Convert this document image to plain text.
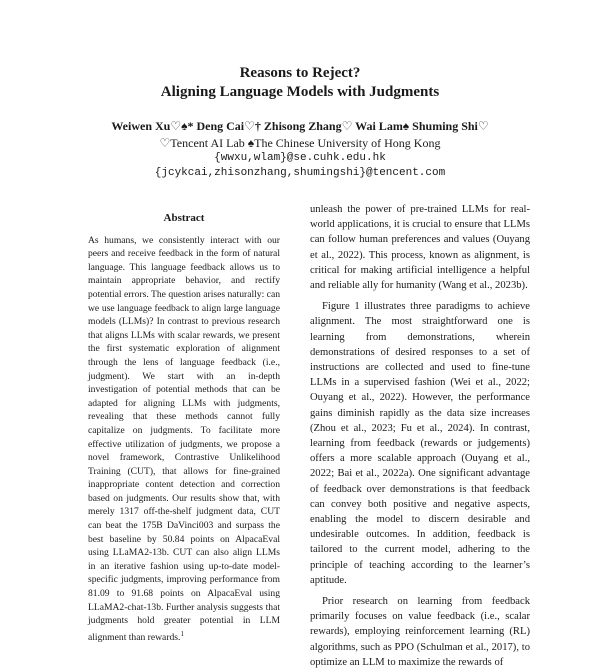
Reasons to Reject?
Aligning Language Models with Judgments
Weiwen Xu♡♠* Deng Cai♡† Zhisong Zhang♡ Wai Lam♠ Shuming Shi♡
♡Tencent AI Lab ♠The Chinese University of Hong Kong
{wwxu,wlam}@se.cuhk.edu.hk
{jcykcai,zhisonzhang,shumingshi}@tencent.com
Abstract

As humans, we consistently interact with our peers and receive feedback in the form of natural language. This language feedback allows us to maintain appropriate behavior, and rectify potential errors. The question arises naturally: can we use language feedback to align large language models (LLMs)? In contrast to previous research that aligns LLMs with scalar rewards, we present the first systematic exploration of alignment through the lens of language feedback (i.e., judgment). We start with an in-depth investigation of potential methods that can be adapted for aligning LLMs with judgments, revealing that these methods cannot fully capitalize on judgments. To facilitate more effective utilization of judgments, we propose a novel framework, Contrastive Unlikelihood Training (CUT), that allows for fine-grained inappropriate content detection and correction based on judgments. Our results show that, with merely 1317 off-the-shelf judgment data, CUT can beat the 175B DaVinci003 and surpass the best baseline by 50.84 points on AlpacaEval using LLaMA2-13b. CUT can also align LLMs in an iterative fashion using up-to-date model-specific judgments, improving performance from 81.09 to 91.68 points on AlpacaEval using LLaMA2-chat-13b. Further analysis suggests that judgments hold greater potential in LLM alignment than rewards.$^1$

unleash the power of pre-trained LLMs for real-world applications, it is crucial to ensure that LLMs can follow human preferences and values (Ouyang et al., 2022). This process, known as alignment, is critical for making artificial intelligence a helpful and reliable ally for humanity (Wang et al., 2023b).

Figure 1 illustrates three paradigms to achieve alignment. The most straightforward one is learning from demonstrations, wherein demonstrations of desired responses to a set of instructions are collected and used to fine-tune LLMs in a supervised fashion (Wei et al., 2022; Ouyang et al., 2022). However, the performance gains diminish rapidly as the data size increases (Zhou et al., 2023; Fu et al., 2024). In contrast, learning from feedback (rewards or judgements) offers a more scalable approach (Ouyang et al., 2022; Bai et al., 2022a). One significant advantage of feedback over demonstrations is that feedback can convey both positive and negative aspects, enabling the model to discern desirable and undesirable outcomes. In addition, feedback is tailored to the current model, adhering to the principle of teaching according to the learner’s aptitude.

Prior research on learning from feedback primarily focuses on value feedback (i.e., scalar rewards), employing reinforcement learning (RL) algorithms, such as PPO (Schulman et al., 2017), to optimize an LLM to maximize the rewards of
